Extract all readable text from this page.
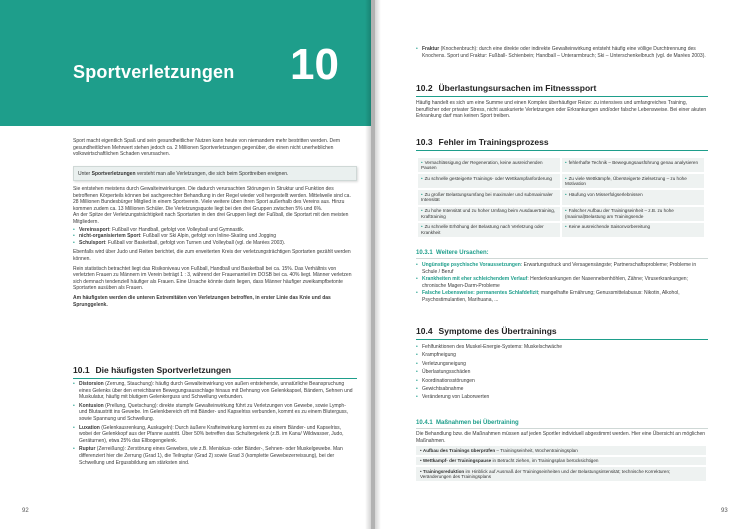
Sportverletzungen 10

Sport macht eigentlich Spaß und sein gesundheitlicher Nutzen kann heute von niemandem mehr bestritten werden. Dem gesundheitlichen Mehrwert stehen jedoch ca. 2 Millionen Sportverletzungen gegenüber, die einen nicht unerheblichen volkswirtschaftlichen Schaden verursachen.

Unter Sportverletzungen versteht man alle Verletzungen, die sich beim Sporttreiben ereignen.

Sie entstehen meistens durch Gewalteinwirkungen. Die dadurch verursachten Störungen in Struktur und Funktion des betroffenen Körperteils können bei sachgerechter Behandlung in der Regel wieder voll hergestellt werden. Mittelweile sind ca. 28 Millionen Bundesbürger Mitglied in einem Sportverein. Viele weitere üben ihren Sport außerhalb des Vereins aus. Hinzu kommen zudem ca. 13 Millionen Schüler. Die Verletzungsquote liegt bei den drei Gruppen zwischen 5% und 6%.

An der Spitze der Verletzungsträchtigkeit nach Sportarten in den drei Gruppen liegt der Fußball, die Sportart mit den meisten Mitgliedern.

• Vereinssport: Fußball vor Handball, gefolgt von Volleyball und Gymnastik.
• nicht-organisiertem Sport: Fußball vor Ski Alpin, gefolgt von Inline-Skating und Jogging
• Schulsport: Fußball vor Basketball, gefolgt von Turnen und Volleyball (vgl. de Marées 2003).

Ebenfalls wird über Judo und Reiten berichtet, die zum erweiterten Kreis der verletzungsträchtigen Sportarten gezählt werden können.

Rein statistisch betrachtet liegt das Risikoniveau von Fußball, Handball und Basketball bei ca. 15%. Das Verhältnis von verletzten Frauen zu Männern im Verein beträgt 1 : 3, während der Frauenanteil im DOSB bei ca. 40% liegt. Männer verletzen sich demnach tendenziell häufiger als Frauen. Eine Ursache könnte darin liegen, dass Männer häufiger zweikampfbetonte Sportarten ausüben als Frauen.

Am häufigsten werden die unteren Extremitäten von Verletzungen betroffen, in erster Linie das Knie und das Sprunggelenk.

10.1 Die häufigsten Sportverletzungen
• Distorsion (Zerrung, Stauchung): häufig durch Gewalteinwirkung von außen entstehende, unnatürliche Beanspruchung eines Gelenks über den erreichbaren Bewegungsausschlage hinaus mit Dehnung von Gelenkkapsel, Bändern, Sehnen und Muskulatur, häufig mit blutigem Gelenkerguss und Schwellung verbunden.
• Kontusion (Prellung, Quetschung): direkte stumpfe Gewalteinwirkung führt zu Verletzungen von Gewebe, sowie Lymph- und Blutaustritt ins Gewebe. Im Gelenkbereich oft mit Bänder- und Kapselriss verbunden, kommt es zu einem Bluterguss, sowie Spannung und Schwellung.
• Luxation (Gelenkausrenkung, Auskugeln): Durch äußere Krafteinwirkung kommt es zu einem Bänder- und Kapselriss, wobei der Gelenkkopf aus der Pfanne austritt. Über 50% betreffen das Schultergelenk (z.B. im Kanu/ Wildwasser, Judo, Geräturnen), etwa 25% das Ellbogengelenk.
• Ruptur (Zerreißung): Zerstörung eines Gewebes, wie z.B. Meniskus- oder Bänder-, Sehnen- oder Muskelgewebe. Man differenziert hier die Zerrung (Grad 1), die Teilruptur (Grad 2) sowie Grad 3 (komplette Gewebezerreissung), bei der Schwellung und Ergussbildung am stärksten sind.
92	93
• Fraktur (Knochenbruch): durch eine direkte oder indirekte Gewalteinwirkung entsteht häufig eine völlige Durchtrennung des Knochens. Sport und Fraktur: Fußball- Schienbein; Handball – Unterarmbruch; Ski – Unterschenkelbruch (vgl. de Marées 2003).
10.2 Überlastungsursachen im Fitnesssport

Häufig handelt es sich um eine Summe und einen Komplex überhäufiger Reize: zu intensives und umfangreiches Training, beruflicher oder privater Stress, nicht auskurierte Verletzungen oder Erkrankungen und/oder falsche Lebensweise. Bei einer akuten Erkrankung darf man keinen Sport treiben.

10.3 Fehler im Trainingsprozess
• Vernachlässigung der Regeneration, keine ausreichenden Pausen	• fehlerhafte Technik – Bewegungsausführung genau analysieren
• Zu schnelle gesteigerte Trainings- oder Wettkampfanforderung	• Zu viele Wettkämpfe, Übersteigerte Zielsetzung – zu hohe Motivation
• Zu großer Belastungsumfang bei maximaler und submaximaler Intensität	• Häufung von Misserfolgserlebnissen
• Zu hohe Intensität und zu hoher Umfang beim Ausdauertraining, Krafttraining	• Falscher Aufbau der Trainingseinheit – z.B. zu hohe (maximal)Belastung am Trainingsende
• Zu schnelle Erhöhung der Belastung nach Verletzung oder Krankheit	• Keine ausreichende Saisonvorbereitung
10.3.1 Weitere Ursachen:
• Ungünstige psychische Voraussetzungen: Erwartungsdruck und Versagensängste; Partnerschaftsprobleme; Probleme in Schule / Beruf
• Krankheiten mit eher schleichendem Verlauf: Herderkrankungen der Nasennebenhöhlen, Zähne; Viruserkrankungen; chronische Magen-Darm-Probleme
• Falsche Lebensweise: permanentes Schlafdefizit; mangelhafte Ernährung; Genussmittelabusus: Nikotin, Alkohol, Psychostimulantien, Marihuana, ...
10.4 Symptome des Übertrainings
• Fehlfunktionen des Muskel-Energie-Systems: Muskelschwäche
• Krampfneigung
• Verletzungsneigung
• Überlastungsschäden
• Koordinationsstörungen
• Gewichtsabnahme
• Veränderung von Laborwerten
10.4.1 Maßnahmen bei Übertraining

Die Behandlung bzw. die Maßnahmen müssen auf jeden Sportler individuell abgestimmt werden. Hier eine Übersicht an möglichen Maßnahmen.

• Aufbau des Trainings überprüfen – Trainingseinheit, Wochentrainingsplan
• Wettkampf- der Trainingspause in Betracht ziehen, im Trainingsplan berücksichtigen
• Trainingsreduktion im Hinblick auf Ausmaß der Trainingseinheiten und der Belastungsintensität; technische Korrekturen; Veränderungen des Trainingsplans
